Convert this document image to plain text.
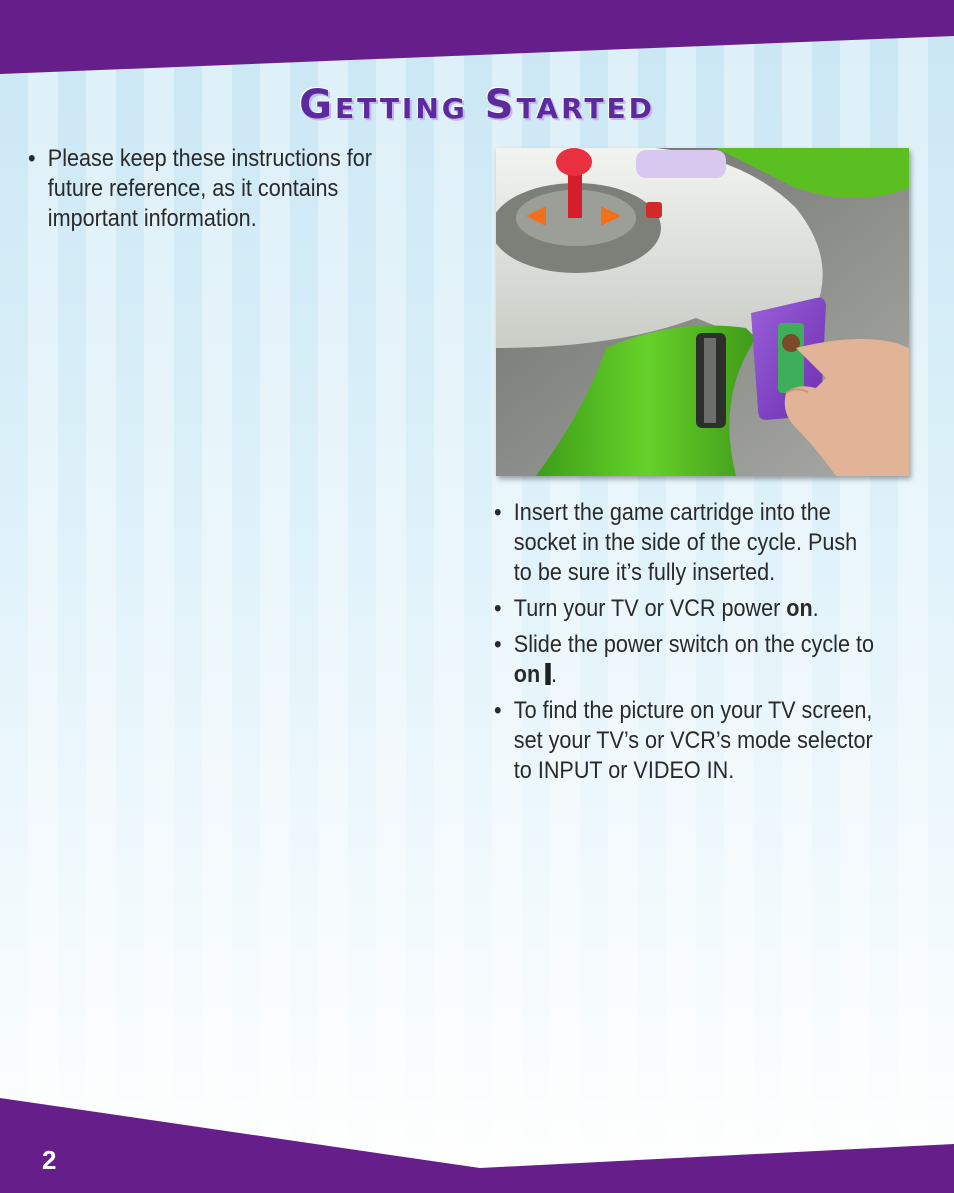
Getting Started
• Please keep these instructions for future reference, as it contains important information.
• Insert the game cartridge into the socket in the side of the cycle. Push to be sure it’s fully inserted.
• Turn your TV or VCR power on.
• Slide the power switch on the cycle to on .
• To find the picture on your TV screen, set your TV’s or VCR’s mode selector to INPUT or VIDEO IN.
2
